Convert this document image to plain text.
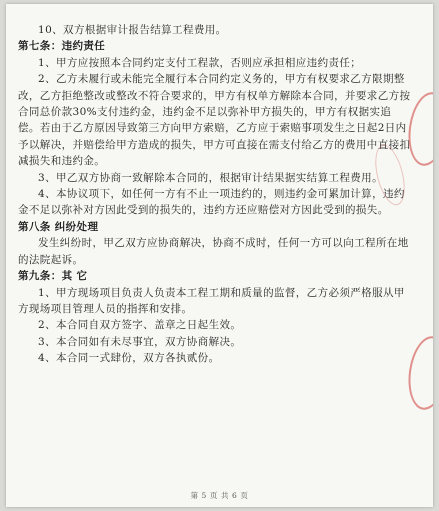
10、双方根据审计报告结算工程费用。

第七条：违约责任

1、甲方应按照本合同约定支付工程款，否则应承担相应违约责任；

2、乙方未履行或未能完全履行本合同约定义务的，甲方有权要求乙方限期整改，乙方拒绝整改或整改不符合要求的，甲方有权单方解除本合同，并要求乙方按合同总价款30%支付违约金，违约金不足以弥补甲方损失的，甲方有权据实追偿。若由于乙方原因导致第三方向甲方索赔，乙方应于索赔事项发生之日起2日内予以解决，并赔偿给甲方造成的损失，甲方可直接在需支付给乙方的费用中直接扣减损失和违约金。

3、甲乙双方协商一致解除本合同的，根据审计结果据实结算工程费用。

4、本协议项下，如任何一方有不止一项违约的，则违约金可累加计算，违约金不足以弥补对方因此受到的损失的，违约方还应赔偿对方因此受到的损失。

第八条 纠纷处理

发生纠纷时，甲乙双方应协商解决，协商不成时，任何一方可以向工程所在地的法院起诉。

第九条：其 它

1、甲方现场项目负责人负责本工程工期和质量的监督，乙方必须严格服从甲方现场项目管理人员的指挥和安排。

2、本合同自双方签字、盖章之日起生效。

3、本合同如有未尽事宜，双方协商解决。

4、本合同一式肆份，双方各执贰份。

第 5 页 共 6 页
